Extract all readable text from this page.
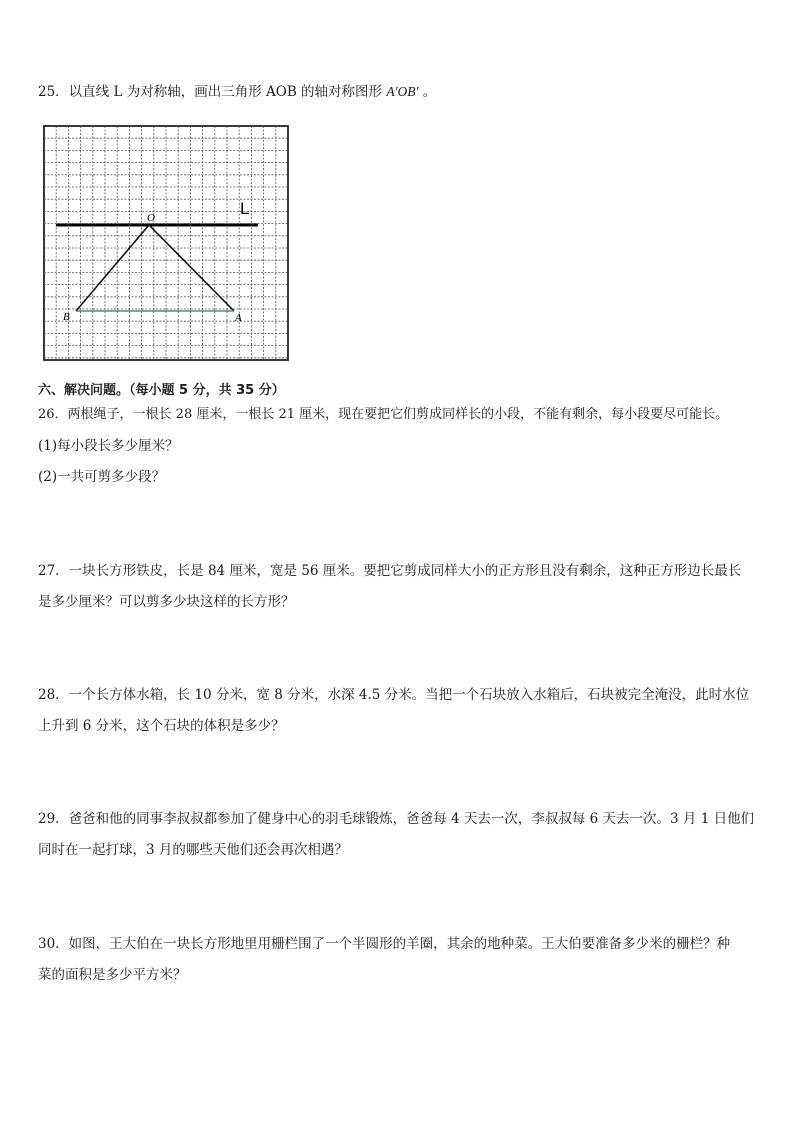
25．以直线 L 为对称轴，画出三角形 AOB 的轴对称图形 A′OB′ 。
L
O
B	A
六、解决问题。（每小题 5 分，共 35 分）
26．两根绳子，一根长 28 厘米，一根长 21 厘米，现在要把它们剪成同样长的小段，不能有剩余，每小段要尽可能长。
(1)每小段长多少厘米？
(2)一共可剪多少段？
27．一块长方形铁皮，长是 84 厘米，宽是 56 厘米。要把它剪成同样大小的正方形且没有剩余，这种正方形边长最长
是多少厘米？可以剪多少块这样的长方形？
28．一个长方体水箱，长 10 分米，宽 8 分米，水深 4.5 分米。当把一个石块放入水箱后，石块被完全淹没，此时水位
上升到 6 分米，这个石块的体积是多少？
29．爸爸和他的同事李叔叔都参加了健身中心的羽毛球锻炼，爸爸每 4 天去一次，李叔叔每 6 天去一次。3 月 1 日他们
同时在一起打球，3 月的哪些天他们还会再次相遇？
30．如图，王大伯在一块长方形地里用栅栏围了一个半圆形的羊圈，其余的地种菜。王大伯要准备多少米的栅栏？种
菜的面积是多少平方米？
